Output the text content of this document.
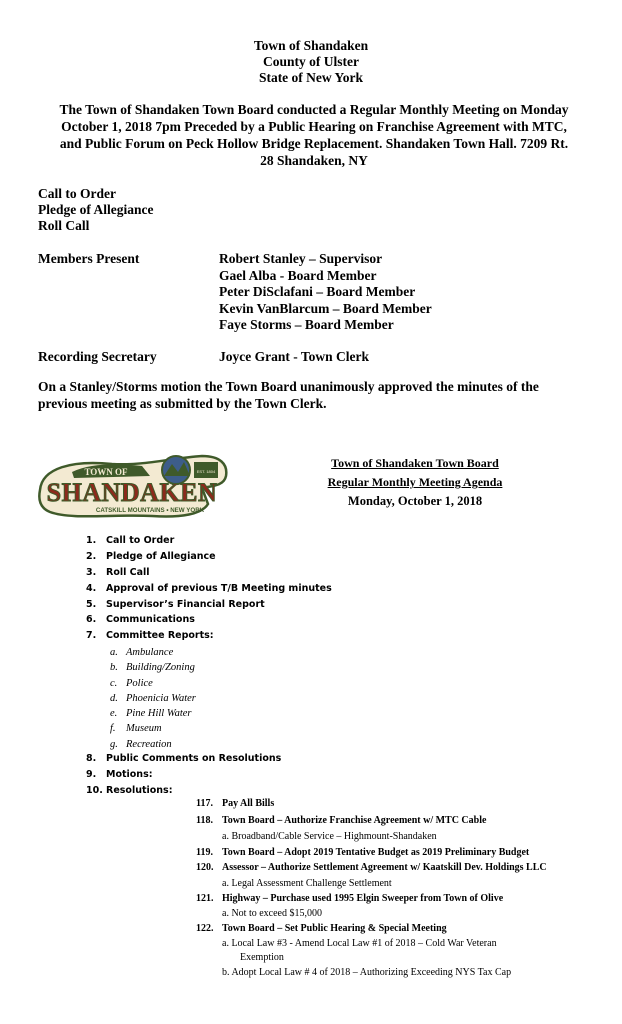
Town of Shandaken
County of Ulster
State of New York
The Town of Shandaken Town Board conducted a Regular Monthly Meeting on Monday
October 1, 2018 7pm Preceded by a Public Hearing on Franchise Agreement with MTC,
and Public Forum on Peck Hollow Bridge Replacement. Shandaken Town Hall. 7209 Rt.
28 Shandaken, NY
Call to Order
Pledge of Allegiance
Roll Call
Members Present	Robert Stanley – Supervisor
Gael Alba - Board Member
Peter DiSclafani – Board Member
Kevin VanBlarcum – Board Member
Faye Storms – Board Member
Recording Secretary	Joyce Grant - Town Clerk
On a Stanley/Storms motion the Town Board unanimously approved the minutes of the
previous meeting as submitted by the Town Clerk.
TOWN OF	EST. 1804
SHANDAKEN
CATSKILL MOUNTAINS • NEW YORK
Town of Shandaken Town Board
Regular Monthly Meeting Agenda
Monday, October 1, 2018
1. Call to Order
2. Pledge of Allegiance
3. Roll Call
4. Approval of previous T/B Meeting minutes
5. Supervisor’s Financial Report
6. Communications
7. Committee Reports:
8. Public Comments on Resolutions
9. Motions:
10. Resolutions:
a. Ambulance
b. Building/Zoning
c. Police
d. Phoenicia Water
e. Pine Hill Water
f. Museum
g. Recreation
117. Pay All Bills
118. Town Board – Authorize Franchise Agreement w/ MTC Cable
a. Broadband/Cable Service – Highmount-Shandaken
119. Town Board – Adopt 2019 Tentative Budget as 2019 Preliminary Budget
120. Assessor – Authorize Settlement Agreement w/ Kaatskill Dev. Holdings LLC
a. Legal Assessment Challenge Settlement
121. Highway – Purchase used 1995 Elgin Sweeper from Town of Olive
a. Not to exceed $15,000
122. Town Board – Set Public Hearing & Special Meeting
a. Local Law #3 - Amend Local Law #1 of 2018 – Cold War Veteran
Exemption
b. Adopt Local Law # 4 of 2018 – Authorizing Exceeding NYS Tax Cap
